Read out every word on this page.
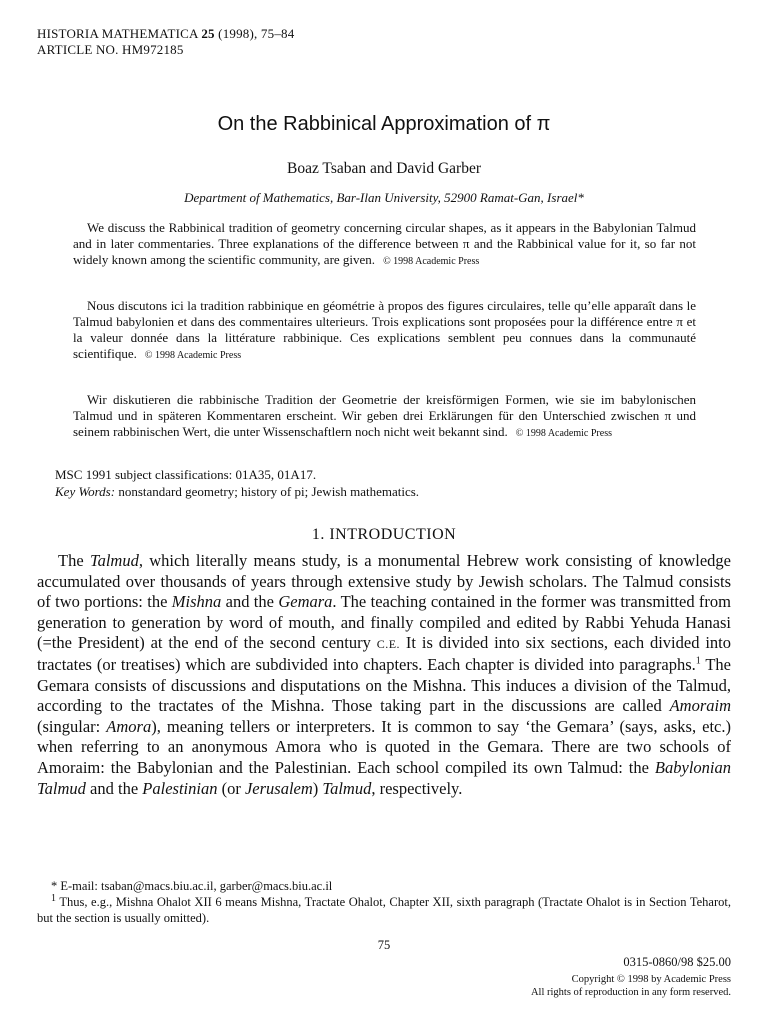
HISTORIA MATHEMATICA 25 (1998), 75–84
ARTICLE NO. HM972185
On the Rabbinical Approximation of π
Boaz Tsaban and David Garber
Department of Mathematics, Bar-Ilan University, 52900 Ramat-Gan, Israel*

We discuss the Rabbinical tradition of geometry concerning circular shapes, as it appears in the Babylonian Talmud and in later commentaries. Three explanations of the difference between π and the Rabbinical value for it, so far not widely known among the scientific community, are given. © 1998 Academic Press

Nous discutons ici la tradition rabbinique en géométrie à propos des figures circulaires, telle qu’elle apparaît dans le Talmud babylonien et dans des commentaires ulterieurs. Trois explications sont proposées pour la différence entre π et la valeur donnée dans la littérature rabbinique. Ces explications semblent peu connues dans la communauté scientifique. © 1998 Academic Press

Wir diskutieren die rabbinische Tradition der Geometrie der kreisförmigen Formen, wie sie im babylonischen Talmud und in späteren Kommentaren erscheint. Wir geben drei Erklärungen für den Unterschied zwischen π und seinem rabbinischen Wert, die unter Wissenschaftlern noch nicht weit bekannt sind. © 1998 Academic Press

MSC 1991 subject classifications: 01A35, 01A17.
Key Words: nonstandard geometry; history of pi; Jewish mathematics.
1. INTRODUCTION

The Talmud, which literally means study, is a monumental Hebrew work consisting of knowledge accumulated over thousands of years through extensive study by Jewish scholars. The Talmud consists of two portions: the Mishna and the Gemara. The teaching contained in the former was transmitted from generation to generation by word of mouth, and finally compiled and edited by Rabbi Yehuda Hanasi (=the President) at the end of the second century C.E. It is divided into six sections, each divided into tractates (or treatises) which are subdivided into chapters. Each chapter is divided into paragraphs.$^1$ The Gemara consists of discussions and disputations on the Mishna. This induces a division of the Talmud, according to the tractates of the Mishna. Those taking part in the discussions are called Amoraim (singular: Amora), meaning tellers or interpreters. It is common to say ‘the Gemara’ (says, asks, etc.) when referring to an anonymous Amora who is quoted in the Gemara. There are two schools of Amoraim: the Babylonian and the Palestinian. Each school compiled its own Talmud: the Babylonian Talmud and the Palestinian (or Jerusalem) Talmud, respectively.

* E-mail: tsaban@macs.biu.ac.il, garber@macs.biu.ac.il

$^1$ Thus, e.g., Mishna Ohalot XII 6 means Mishna, Tractate Ohalot, Chapter XII, sixth paragraph (Tractate Ohalot is in Section Teharot, but the section is usually omitted).

75
0315-0860/98 $25.00
Copyright © 1998 by Academic Press
All rights of reproduction in any form reserved.
